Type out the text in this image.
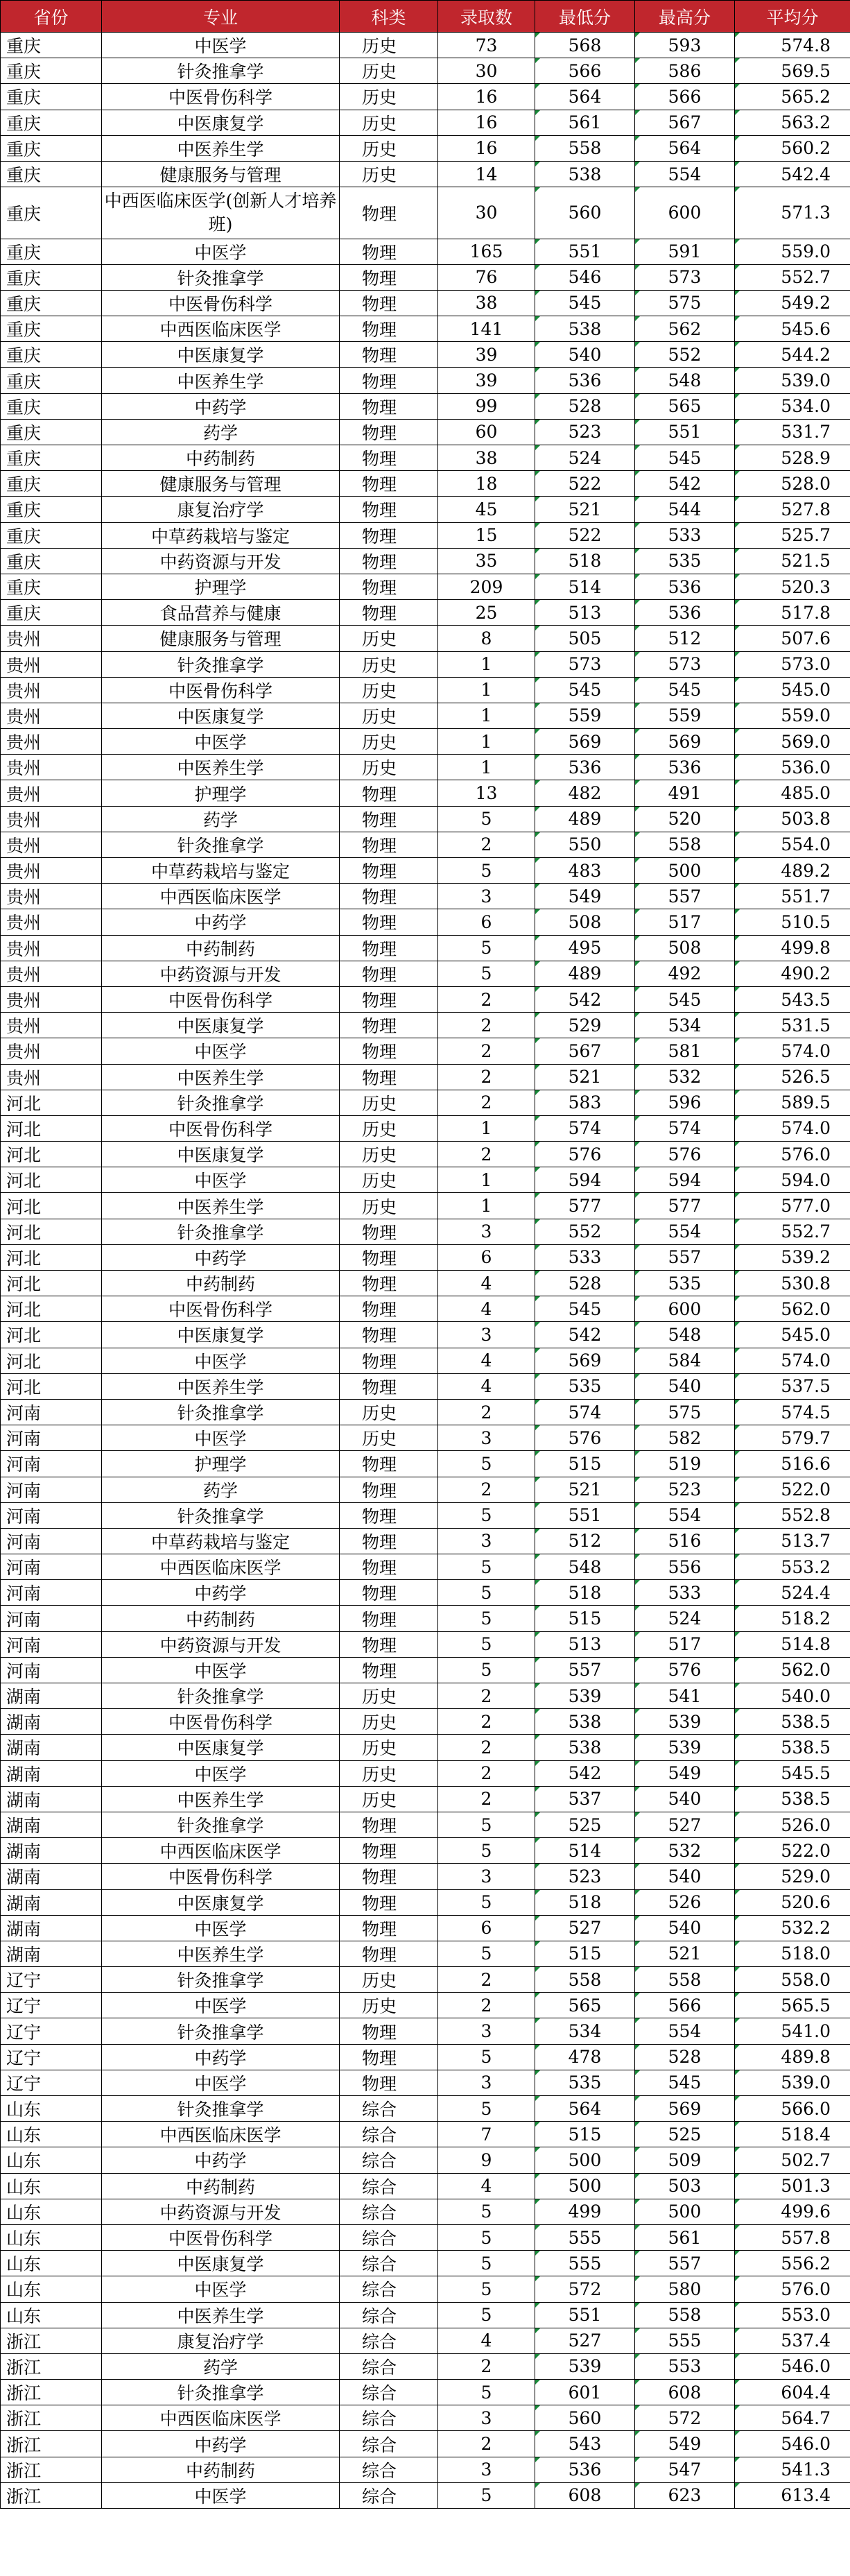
省份	专业	科类	录取数	最低分	最高分	平均分
重庆	中医学	历史	73	568	593	574.8
重庆	针灸推拿学	历史	30	566	586	569.5
重庆	中医骨伤科学	历史	16	564	566	565.2
重庆	中医康复学	历史	16	561	567	563.2
重庆	中医养生学	历史	16	558	564	560.2
重庆	健康服务与管理	历史	14	538	554	542.4
重庆	中西医临床医学(创新人才培养班)	物理	30	560	600	571.3
重庆	中医学	物理	165	551	591	559.0
重庆	针灸推拿学	物理	76	546	573	552.7
重庆	中医骨伤科学	物理	38	545	575	549.2
重庆	中西医临床医学	物理	141	538	562	545.6
重庆	中医康复学	物理	39	540	552	544.2
重庆	中医养生学	物理	39	536	548	539.0
重庆	中药学	物理	99	528	565	534.0
重庆	药学	物理	60	523	551	531.7
重庆	中药制药	物理	38	524	545	528.9
重庆	健康服务与管理	物理	18	522	542	528.0
重庆	康复治疗学	物理	45	521	544	527.8
重庆	中草药栽培与鉴定	物理	15	522	533	525.7
重庆	中药资源与开发	物理	35	518	535	521.5
重庆	护理学	物理	209	514	536	520.3
重庆	食品营养与健康	物理	25	513	536	517.8
贵州	健康服务与管理	历史	8	505	512	507.6
贵州	针灸推拿学	历史	1	573	573	573.0
贵州	中医骨伤科学	历史	1	545	545	545.0
贵州	中医康复学	历史	1	559	559	559.0
贵州	中医学	历史	1	569	569	569.0
贵州	中医养生学	历史	1	536	536	536.0
贵州	护理学	物理	13	482	491	485.0
贵州	药学	物理	5	489	520	503.8
贵州	针灸推拿学	物理	2	550	558	554.0
贵州	中草药栽培与鉴定	物理	5	483	500	489.2
贵州	中西医临床医学	物理	3	549	557	551.7
贵州	中药学	物理	6	508	517	510.5
贵州	中药制药	物理	5	495	508	499.8
贵州	中药资源与开发	物理	5	489	492	490.2
贵州	中医骨伤科学	物理	2	542	545	543.5
贵州	中医康复学	物理	2	529	534	531.5
贵州	中医学	物理	2	567	581	574.0
贵州	中医养生学	物理	2	521	532	526.5
河北	针灸推拿学	历史	2	583	596	589.5
河北	中医骨伤科学	历史	1	574	574	574.0
河北	中医康复学	历史	2	576	576	576.0
河北	中医学	历史	1	594	594	594.0
河北	中医养生学	历史	1	577	577	577.0
河北	针灸推拿学	物理	3	552	554	552.7
河北	中药学	物理	6	533	557	539.2
河北	中药制药	物理	4	528	535	530.8
河北	中医骨伤科学	物理	4	545	600	562.0
河北	中医康复学	物理	3	542	548	545.0
河北	中医学	物理	4	569	584	574.0
河北	中医养生学	物理	4	535	540	537.5
河南	针灸推拿学	历史	2	574	575	574.5
河南	中医学	历史	3	576	582	579.7
河南	护理学	物理	5	515	519	516.6
河南	药学	物理	2	521	523	522.0
河南	针灸推拿学	物理	5	551	554	552.8
河南	中草药栽培与鉴定	物理	3	512	516	513.7
河南	中西医临床医学	物理	5	548	556	553.2
河南	中药学	物理	5	518	533	524.4
河南	中药制药	物理	5	515	524	518.2
河南	中药资源与开发	物理	5	513	517	514.8
河南	中医学	物理	5	557	576	562.0
湖南	针灸推拿学	历史	2	539	541	540.0
湖南	中医骨伤科学	历史	2	538	539	538.5
湖南	中医康复学	历史	2	538	539	538.5
湖南	中医学	历史	2	542	549	545.5
湖南	中医养生学	历史	2	537	540	538.5
湖南	针灸推拿学	物理	5	525	527	526.0
湖南	中西医临床医学	物理	5	514	532	522.0
湖南	中医骨伤科学	物理	3	523	540	529.0
湖南	中医康复学	物理	5	518	526	520.6
湖南	中医学	物理	6	527	540	532.2
湖南	中医养生学	物理	5	515	521	518.0
辽宁	针灸推拿学	历史	2	558	558	558.0
辽宁	中医学	历史	2	565	566	565.5
辽宁	针灸推拿学	物理	3	534	554	541.0
辽宁	中药学	物理	5	478	528	489.8
辽宁	中医学	物理	3	535	545	539.0
山东	针灸推拿学	综合	5	564	569	566.0
山东	中西医临床医学	综合	7	515	525	518.4
山东	中药学	综合	9	500	509	502.7
山东	中药制药	综合	4	500	503	501.3
山东	中药资源与开发	综合	5	499	500	499.6
山东	中医骨伤科学	综合	5	555	561	557.8
山东	中医康复学	综合	5	555	557	556.2
山东	中医学	综合	5	572	580	576.0
山东	中医养生学	综合	5	551	558	553.0
浙江	康复治疗学	综合	4	527	555	537.4
浙江	药学	综合	2	539	553	546.0
浙江	针灸推拿学	综合	5	601	608	604.4
浙江	中西医临床医学	综合	3	560	572	564.7
浙江	中药学	综合	2	543	549	546.0
浙江	中药制药	综合	3	536	547	541.3
浙江	中医学	综合	5	608	623	613.4
